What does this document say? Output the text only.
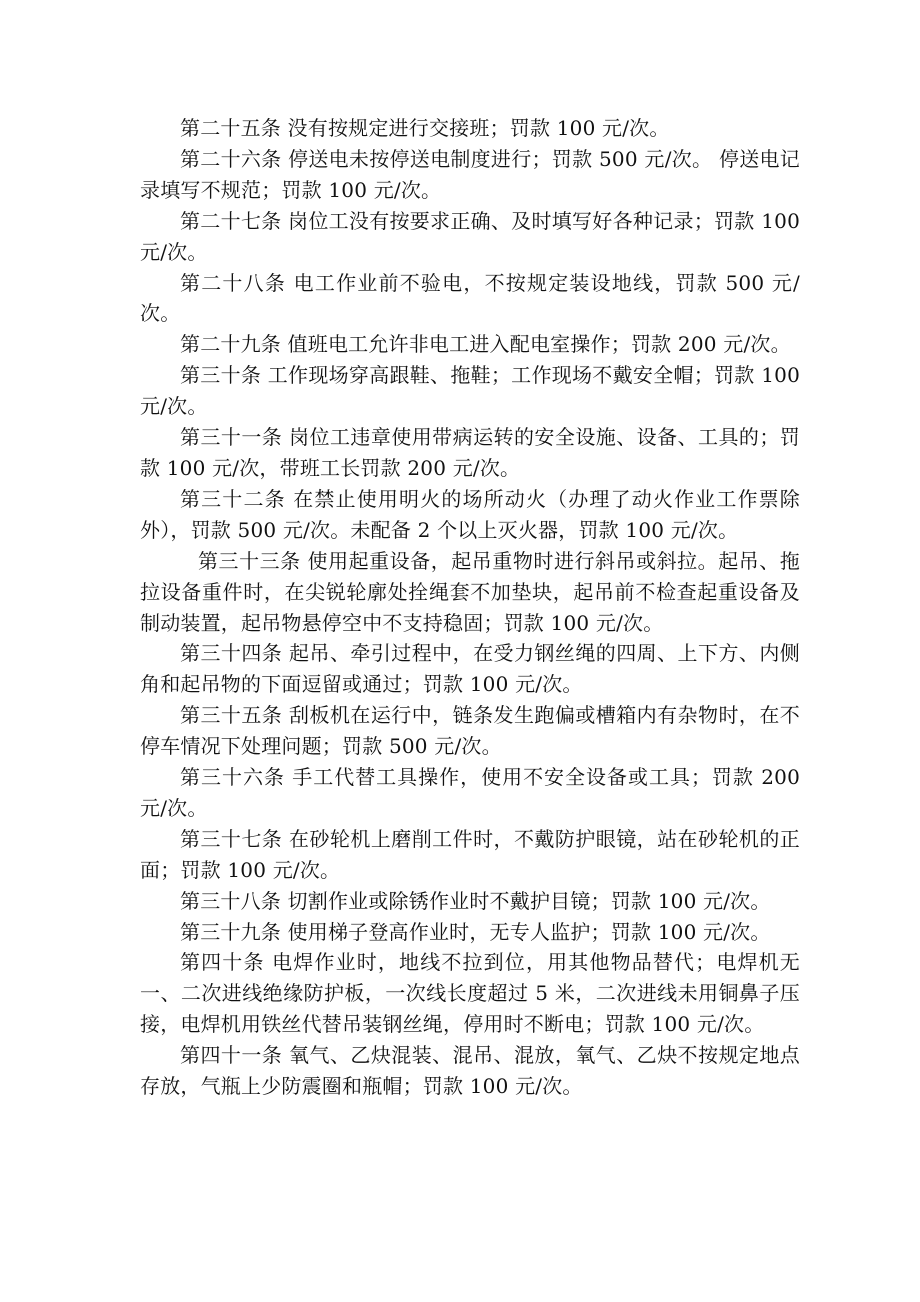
第二十五条 没有按规定进行交接班；罚款 100 元/次。

第二十六条 停送电未按停送电制度进行；罚款 500 元/次。 停送电记录填写不规范；罚款 100 元/次。

第二十七条 岗位工没有按要求正确、及时填写好各种记录；罚款 100 元/次。

第二十八条 电工作业前不验电，不按规定装设地线，罚款 500 元/次。

第二十九条 值班电工允许非电工进入配电室操作；罚款 200 元/次。

第三十条 工作现场穿高跟鞋、拖鞋；工作现场不戴安全帽；罚款 100 元/次。

第三十一条 岗位工违章使用带病运转的安全设施、设备、工具的；罚款 100 元/次，带班工长罚款 200 元/次。

第三十二条 在禁止使用明火的场所动火（办理了动火作业工作票除外），罚款 500 元/次。未配备 2 个以上灭火器，罚款 100 元/次。

第三十三条 使用起重设备，起吊重物时进行斜吊或斜拉。起吊、拖拉设备重件时，在尖锐轮廓处拴绳套不加垫块，起吊前不检查起重设备及制动装置，起吊物悬停空中不支持稳固；罚款 100 元/次。

第三十四条 起吊、牵引过程中，在受力钢丝绳的四周、上下方、内侧角和起吊物的下面逗留或通过；罚款 100 元/次。

第三十五条 刮板机在运行中，链条发生跑偏或槽箱内有杂物时，在不停车情况下处理问题；罚款 500 元/次。

第三十六条 手工代替工具操作，使用不安全设备或工具；罚款 200 元/次。

第三十七条 在砂轮机上磨削工件时，不戴防护眼镜，站在砂轮机的正面；罚款 100 元/次。

第三十八条 切割作业或除锈作业时不戴护目镜；罚款 100 元/次。

第三十九条 使用梯子登高作业时，无专人监护；罚款 100 元/次。

第四十条 电焊作业时，地线不拉到位，用其他物品替代；电焊机无一、二次进线绝缘防护板，一次线长度超过 5 米，二次进线未用铜鼻子压接，电焊机用铁丝代替吊装钢丝绳，停用时不断电；罚款 100 元/次。

第四十一条 氧气、乙炔混装、混吊、混放，氧气、乙炔不按规定地点存放，气瓶上少防震圈和瓶帽；罚款 100 元/次。
